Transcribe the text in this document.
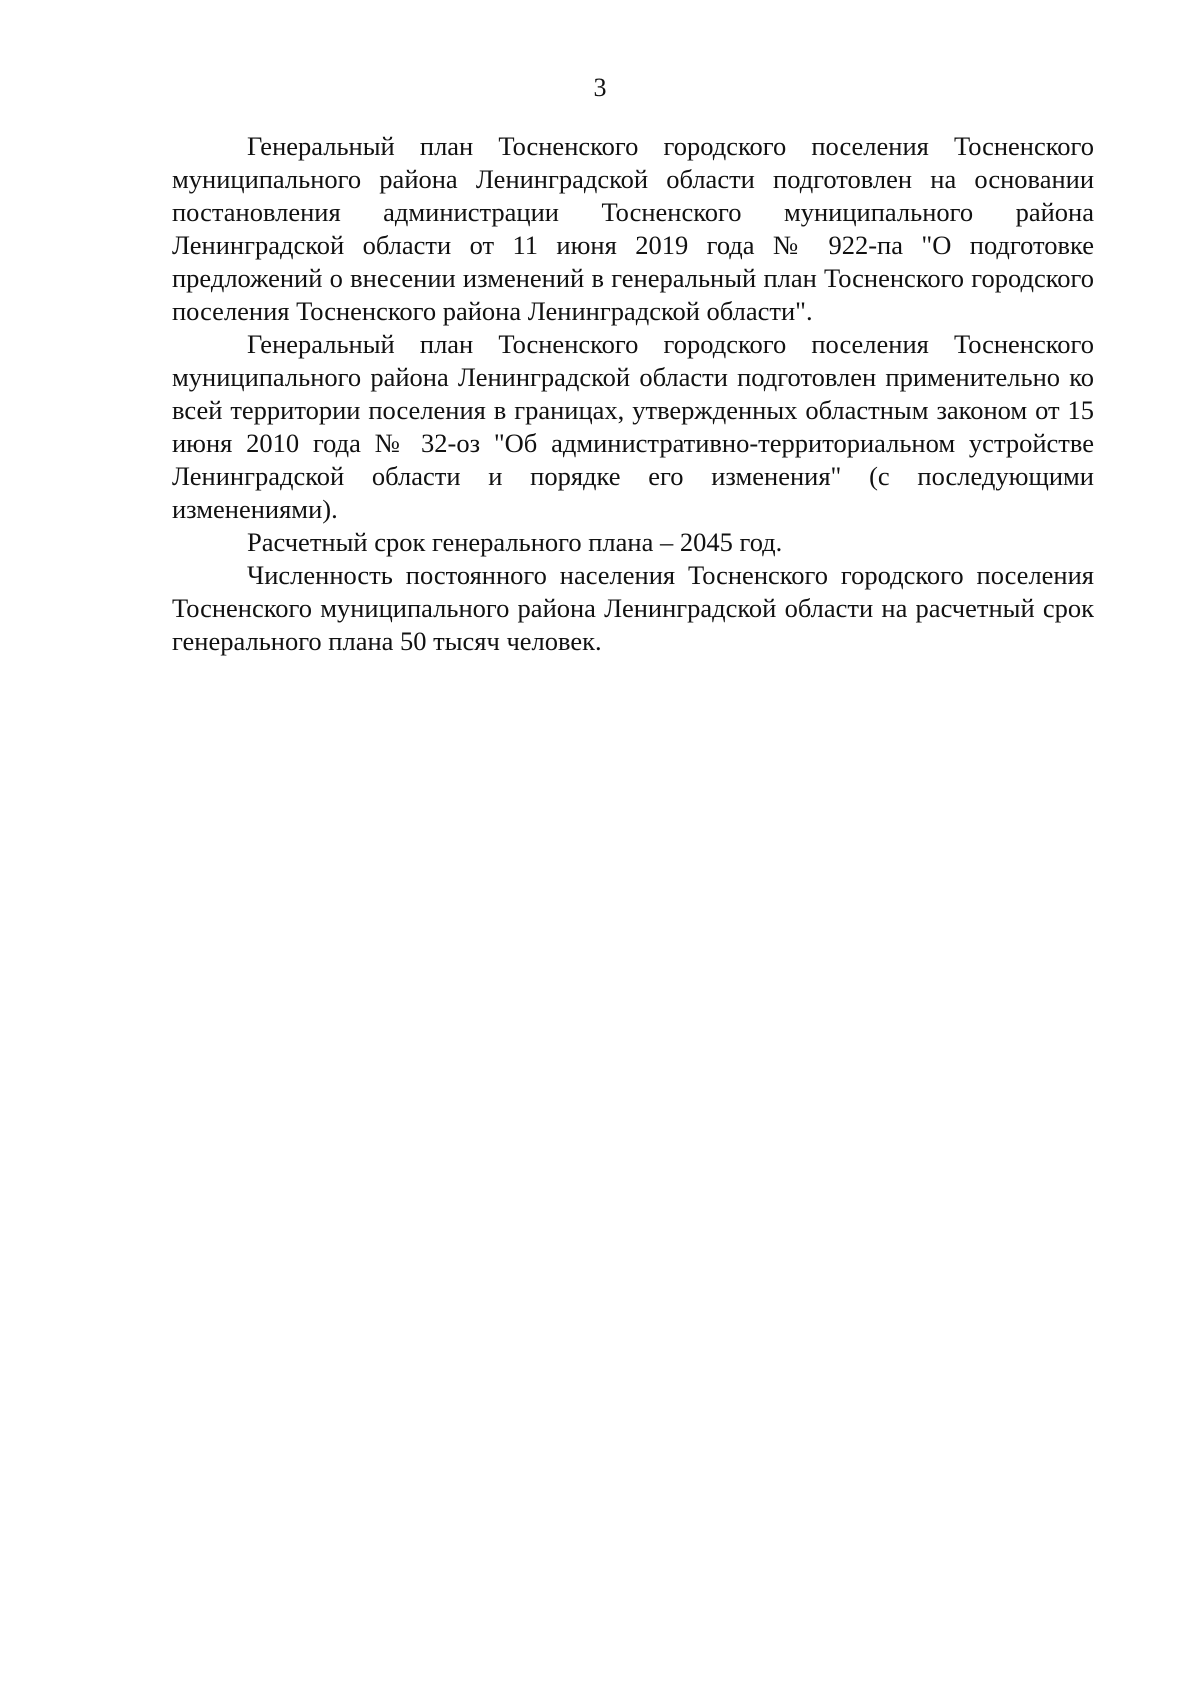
3

Генеральный план Тосненского городского поселения Тосненского муниципального района Ленинградской области подготовлен на основании постановления администрации Тосненского муниципального района Ленинградской области от 11 июня 2019 года № 922-па "О подготовке предложений о внесении изменений в генеральный план Тосненского городского поселения Тосненского района Ленинградской области".

Генеральный план Тосненского городского поселения Тосненского муниципального района Ленинградской области подготовлен применительно ко всей территории поселения в границах, утвержденных областным законом от 15 июня 2010 года № 32-оз "Об административно-территориальном устройстве Ленинградской области и порядке его изменения" (с последующими изменениями).

Расчетный срок генерального плана – 2045 год.

Численность постоянного населения Тосненского городского поселения Тосненского муниципального района Ленинградской области на расчетный срок генерального плана 50 тысяч человек.
